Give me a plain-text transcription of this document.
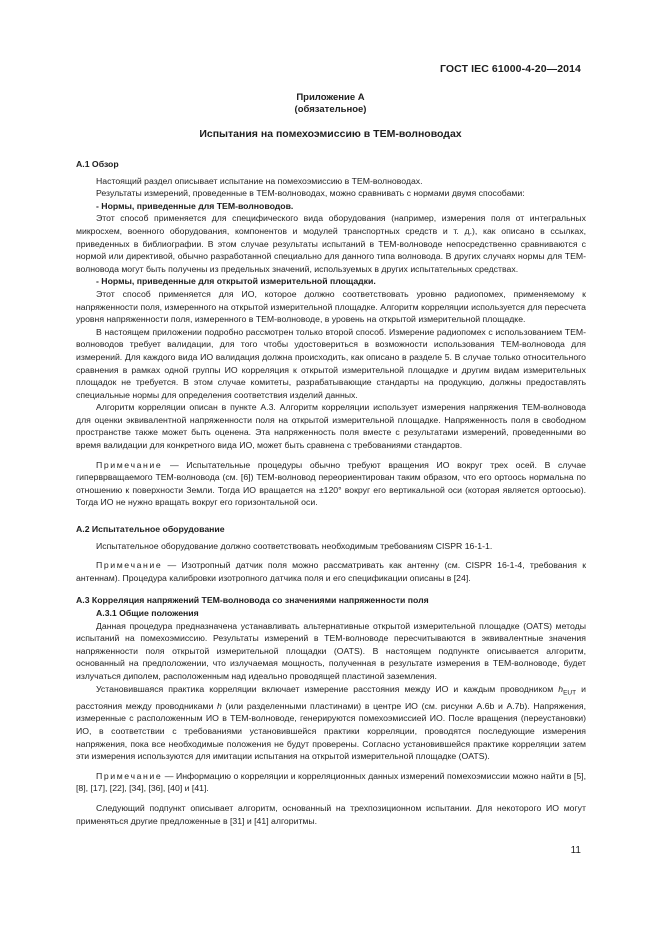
ГОСТ IEC 61000-4-20—2014
Приложение А
(обязательное)
Испытания на помехоэмиссию в ТЕМ-волноводах

А.1 Обзор

Настоящий раздел описывает испытание на помехоэмиссию в ТЕМ-волноводах.

Результаты измерений, проведенные в ТЕМ-волноводах, можно сравнивать с нормами двумя способами:

- Нормы, приведенные для ТЕМ-волноводов.

Этот способ применяется для специфического вида оборудования (например, измерения поля от интегральных микросхем, военного оборудования, компонентов и модулей транспортных средств и т. д.), как описано в ссылках, приведенных в библиографии. В этом случае результаты испытаний в ТЕМ-волноводе непосредственно сравниваются с нормой или директивой, обычно разработанной специально для данного типа волновода. В других случаях нормы для ТЕМ-волновода могут быть получены из предельных значений, используемых в других испытательных средствах.

- Нормы, приведенные для открытой измерительной площадки.

Этот способ применяется для ИО, которое должно соответствовать уровню радиопомех, применяемому к напряженности поля, измеренного на открытой измерительной площадке. Алгоритм корреляции используется для пересчета уровня напряженности поля, измеренного в ТЕМ-волноводе, в уровень на открытой измерительной площадке.

В настоящем приложении подробно рассмотрен только второй способ. Измерение радиопомех с использованием ТЕМ-волноводов требует валидации, для того чтобы удостовериться в возможности использования ТЕМ-волновода для измерений. Для каждого вида ИО валидация должна происходить, как описано в разделе 5. В случае только относительного сравнения в рамках одной группы ИО корреляция к открытой измерительной площадке и другим видам измерительных площадок не требуется. В этом случае комитеты, разрабатывающие стандарты на продукцию, должны предоставлять специальные нормы для определения соответствия изделий данных.

Алгоритм корреляции описан в пункте А.3. Алгоритм корреляции использует измерения напряжения ТЕМ-волновода для оценки эквивалентной напряженности поля на открытой измерительной площадке. Напряженность поля в свободном пространстве также может быть оценена. Эта напряженность поля вместе с результатами измерений, проведенными во время валидации для конкретного вида ИО, может быть сравнена с требованиями стандартов.

Примечание — Испытательные процедуры обычно требуют вращения ИО вокруг трех осей. В случае гиперврващаемого ТЕМ-волновода (см. [6]) ТЕМ-волновод переориентирован таким образом, что его ортоось нормальна по отношению к поверхности Земли. Тогда ИО вращается на ±120° вокруг его вертикальной оси (которая является ортоосью). Тогда ИО не нужно вращать вокруг его горизонтальной оси.

А.2 Испытательное оборудование

Испытательное оборудование должно соответствовать необходимым требованиям CISPR 16-1-1.

Примечание — Изотропный датчик поля можно рассматривать как антенну (см. CISPR 16-1-4, требования к антеннам). Процедура калибровки изотропного датчика поля и его спецификации описаны в [24].

А.3 Корреляция напряжений ТЕМ-волновода со значениями напряженности поля

А.3.1 Общие положения

Данная процедура предназначена устанавливать альтернативные открытой измерительной площадке (OATS) методы испытаний на помехоэмиссию. Результаты измерений в ТЕМ-волноводе пересчитываются в эквивалентные значения напряженности поля открытой измерительной площадки (OATS). В настоящем подпункте описывается алгоритм, основанный на предположении, что излучаемая мощность, полученная в результате измерения в ТЕМ-волноводе, будет излучаться диполем, расположенным над идеально проводящей пластиной заземления.

Установившаяся практика корреляции включает измерение расстояния между ИО и каждым проводником $h_{EUT}$ и расстояния между проводниками h (или разделенными пластинами) в центре ИО (см. рисунки А.6b и А.7b). Напряжения, измеренные с расположенным ИО в ТЕМ-волноводе, генерируются помехоэмиссией ИО. После вращения (переустановки) ИО, в соответствии с требованиями установившейся практики корреляции, проводятся последующие измерения напряжения, пока все необходимые положения не будут проверены. Согласно установившейся практике корреляции затем эти измерения используются для имитации испытания на открытой измерительной площадке (OATS).

Примечание — Информацию о корреляции и корреляционных данных измерений помехоэмиссии можно найти в [5], [8], [17], [22], [34], [36], [40] и [41].

Следующий подпункт описывает алгоритм, основанный на трехпозиционном испытании. Для некоторого ИО могут применяться другие предложенные в [31] и [41] алгоритмы.

11
